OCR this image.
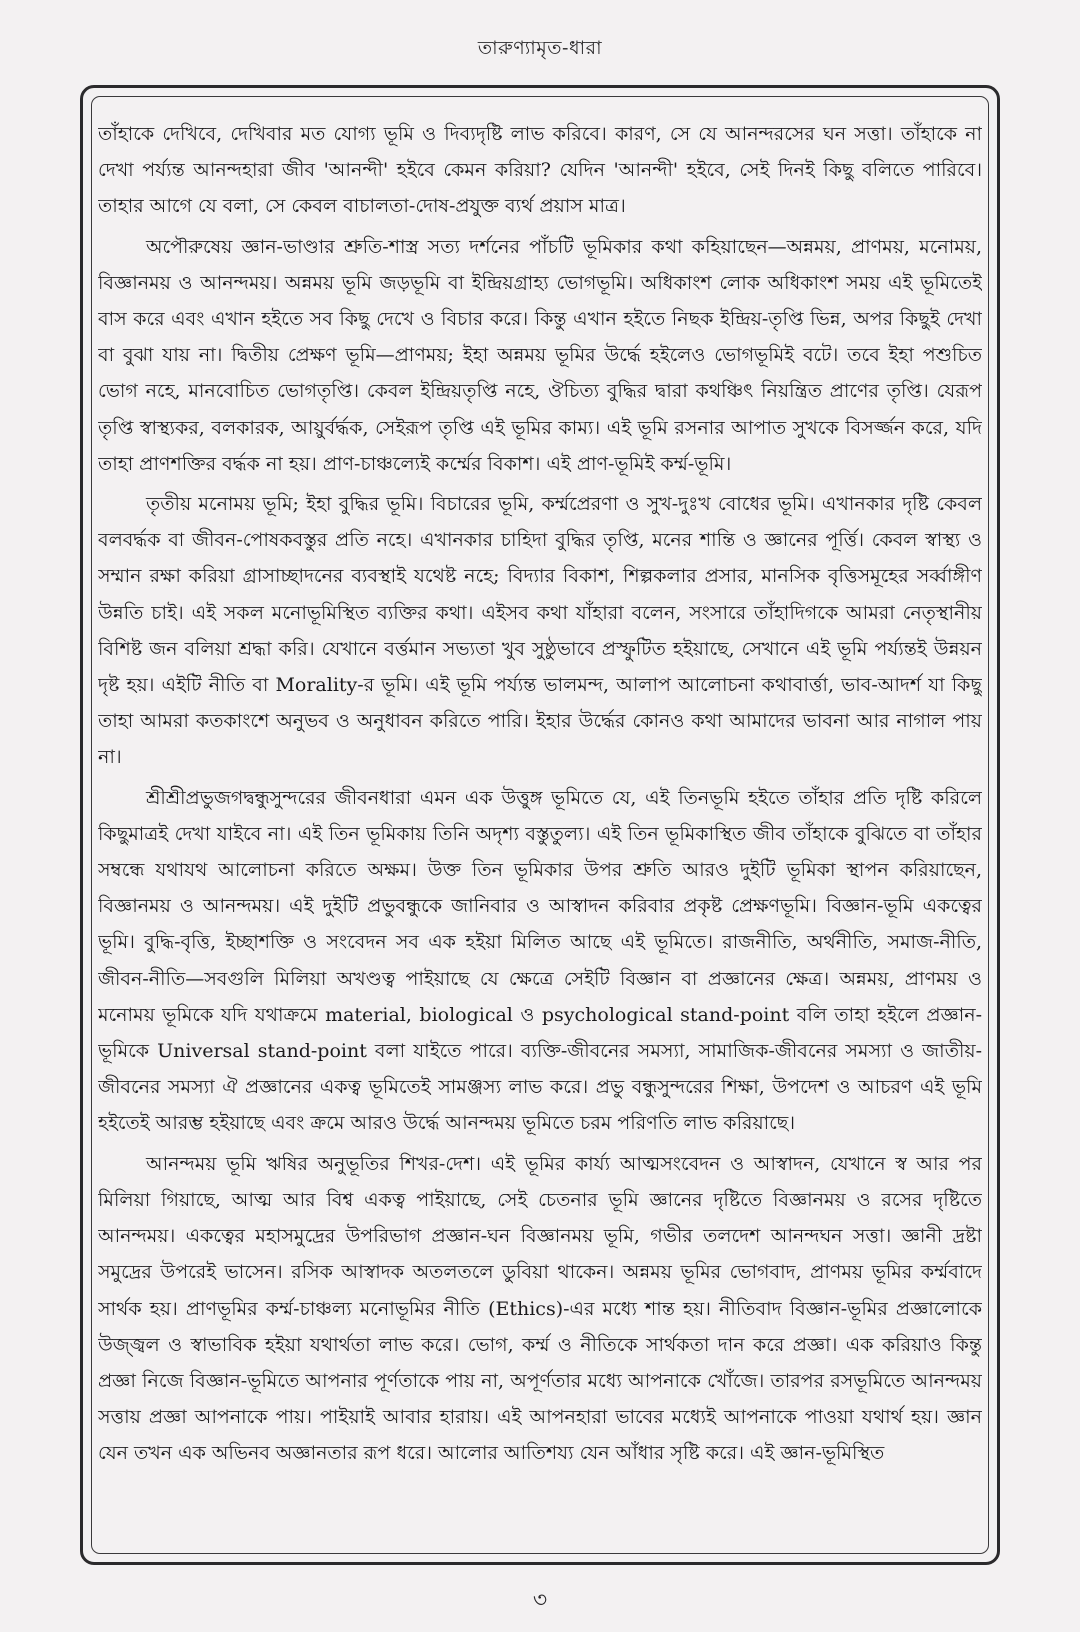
তারুণ্যামৃত-ধারা

তাঁহাকে দেখিবে, দেখিবার মত যোগ্য ভূমি ও দিব্যদৃষ্টি লাভ করিবে। কারণ, সে যে আনন্দরসের ঘন সত্তা। তাঁহাকে না দেখা পর্য্যন্ত আনন্দহারা জীব 'আনন্দী' হইবে কেমন করিয়া? যেদিন 'আনন্দী' হইবে, সেই দিনই কিছু বলিতে পারিবে। তাহার আগে যে বলা, সে কেবল বাচালতা-দোষ-প্রযুক্ত ব্যর্থ প্রয়াস মাত্র।

অপৌরুষেয় জ্ঞান-ভাণ্ডার শ্রুতি-শাস্ত্র সত্য দর্শনের পাঁচটি ভূমিকার কথা কহিয়াছেন—অন্নময়, প্রাণময়, মনোময়, বিজ্ঞানময় ও আনন্দময়। অন্নময় ভূমি জড়ভূমি বা ইন্দ্রিয়গ্রাহ্য ভোগভূমি। অধিকাংশ লোক অধিকাংশ সময় এই ভূমিতেই বাস করে এবং এখান হইতে সব কিছু দেখে ও বিচার করে। কিন্তু এখান হইতে নিছক ইন্দ্রিয়-তৃপ্তি ভিন্ন, অপর কিছুই দেখা বা বুঝা যায় না। দ্বিতীয় প্রেক্ষণ ভূমি—প্রাণময়; ইহা অন্নময় ভূমির উর্দ্ধে হইলেও ভোগভূমিই বটে। তবে ইহা পশুচিত ভোগ নহে, মানবোচিত ভোগতৃপ্তি। কেবল ইন্দ্রিয়তৃপ্তি নহে, ঔচিত্য বুদ্ধির দ্বারা কথঞ্চিৎ নিয়ন্ত্রিত প্রাণের তৃপ্তি। যেরূপ তৃপ্তি স্বাস্থ্যকর, বলকারক, আয়ুর্বর্দ্ধক, সেইরূপ তৃপ্তি এই ভূমির কাম্য। এই ভূমি রসনার আপাত সুখকে বিসর্জ্জন করে, যদি তাহা প্রাণশক্তির বর্দ্ধক না হয়। প্রাণ-চাঞ্চল্যেই কর্ম্মের বিকাশ। এই প্রাণ-ভূমিই কর্ম্ম-ভূমি।

তৃতীয় মনোময় ভূমি; ইহা বুদ্ধির ভূমি। বিচারের ভূমি, কর্ম্মপ্রেরণা ও সুখ-দুঃখ বোধের ভূমি। এখানকার দৃষ্টি কেবল বলবর্দ্ধক বা জীবন-পোষকবস্তুর প্রতি নহে। এখানকার চাহিদা বুদ্ধির তৃপ্তি, মনের শান্তি ও জ্ঞানের পূর্ত্তি। কেবল স্বাস্থ্য ও সম্মান রক্ষা করিয়া গ্রাসাচ্ছাদনের ব্যবস্থাই যথেষ্ট নহে; বিদ্যার বিকাশ, শিল্পকলার প্রসার, মানসিক বৃত্তিসমূহের সর্ব্বাঙ্গীণ উন্নতি চাই। এই সকল মনোভূমিস্থিত ব্যক্তির কথা। এইসব কথা যাঁহারা বলেন, সংসারে তাঁহাদিগকে আমরা নেতৃস্থানীয় বিশিষ্ট জন বলিয়া শ্রদ্ধা করি। যেখানে বর্ত্তমান সভ্যতা খুব সুষ্ঠুভাবে প্রস্ফুটিত হইয়াছে, সেখানে এই ভূমি পর্য্যন্তই উন্নয়ন দৃষ্ট হয়। এইটি নীতি বা Morality-র ভূমি। এই ভূমি পর্য্যন্ত ভালমন্দ, আলাপ আলোচনা কথাবার্ত্তা, ভাব-আদর্শ যা কিছু তাহা আমরা কতকাংশে অনুভব ও অনুধাবন করিতে পারি। ইহার উর্দ্ধের কোনও কথা আমাদের ভাবনা আর নাগাল পায় না।

শ্রীশ্রীপ্রভুজগদ্বন্ধুসুন্দরের জীবনধারা এমন এক উত্তুঙ্গ ভূমিতে যে, এই তিনভূমি হইতে তাঁহার প্রতি দৃষ্টি করিলে কিছুমাত্রই দেখা যাইবে না। এই তিন ভূমিকায় তিনি অদৃশ্য বস্তুতুল্য। এই তিন ভূমিকাস্থিত জীব তাঁহাকে বুঝিতে বা তাঁহার সম্বন্ধে যথাযথ আলোচনা করিতে অক্ষম। উক্ত তিন ভূমিকার উপর শ্রুতি আরও দুইটি ভূমিকা স্থাপন করিয়াছেন, বিজ্ঞানময় ও আনন্দময়। এই দুইটি প্রভুবন্ধুকে জানিবার ও আস্বাদন করিবার প্রকৃষ্ট প্রেক্ষণভূমি। বিজ্ঞান-ভূমি একত্বের ভূমি। বুদ্ধি-বৃত্তি, ইচ্ছাশক্তি ও সংবেদন সব এক হইয়া মিলিত আছে এই ভূমিতে। রাজনীতি, অর্থনীতি, সমাজ-নীতি, জীবন-নীতি—সবগুলি মিলিয়া অখণ্ডত্ব পাইয়াছে যে ক্ষেত্রে সেইটি বিজ্ঞান বা প্রজ্ঞানের ক্ষেত্র। অন্নময়, প্রাণময় ও মনোময় ভূমিকে যদি যথাক্রমে material, biological ও psychological stand-point বলি তাহা হইলে প্রজ্ঞান-ভূমিকে Universal stand-point বলা যাইতে পারে। ব্যক্তি-জীবনের সমস্যা, সামাজিক-জীবনের সমস্যা ও জাতীয়-জীবনের সমস্যা ঐ প্রজ্ঞানের একত্ব ভূমিতেই সামঞ্জস্য লাভ করে। প্রভু বন্ধুসুন্দরের শিক্ষা, উপদেশ ও আচরণ এই ভূমি হইতেই আরম্ভ হইয়াছে এবং ক্রমে আরও উর্দ্ধে আনন্দময় ভূমিতে চরম পরিণতি লাভ করিয়াছে।

আনন্দময় ভূমি ঋষির অনুভূতির শিখর-দেশ। এই ভূমির কার্য্য আত্মসংবেদন ও আস্বাদন, যেখানে স্ব আর পর মিলিয়া গিয়াছে, আত্ম আর বিশ্ব একত্ব পাইয়াছে, সেই চেতনার ভূমি জ্ঞানের দৃষ্টিতে বিজ্ঞানময় ও রসের দৃষ্টিতে আনন্দময়। একত্বের মহাসমুদ্রের উপরিভাগ প্রজ্ঞান-ঘন বিজ্ঞানময় ভূমি, গভীর তলদেশ আনন্দঘন সত্তা। জ্ঞানী দ্রষ্টা সমুদ্রের উপরেই ভাসেন। রসিক আস্বাদক অতলতলে ডুবিয়া থাকেন। অন্নময় ভূমির ভোগবাদ, প্রাণময় ভূমির কর্ম্মবাদে সার্থক হয়। প্রাণভূমির কর্ম্ম-চাঞ্চল্য মনোভূমির নীতি (Ethics)-এর মধ্যে শান্ত হয়। নীতিবাদ বিজ্ঞান-ভূমির প্রজ্ঞালোকে উজ্জ্বল ও স্বাভাবিক হইয়া যথার্থতা লাভ করে। ভোগ, কর্ম্ম ও নীতিকে সার্থকতা দান করে প্রজ্ঞা। এক করিয়াও কিন্তু প্রজ্ঞা নিজে বিজ্ঞান-ভূমিতে আপনার পূর্ণতাকে পায় না, অপূর্ণতার মধ্যে আপনাকে খোঁজে। তারপর রসভূমিতে আনন্দময় সত্তায় প্রজ্ঞা আপনাকে পায়। পাইয়াই আবার হারায়। এই আপনহারা ভাবের মধ্যেই আপনাকে পাওয়া যথার্থ হয়। জ্ঞান যেন তখন এক অভিনব অজ্ঞানতার রূপ ধরে। আলোর আতিশয্য যেন আঁধার সৃষ্টি করে। এই জ্ঞান-ভূমিস্থিত

৩
